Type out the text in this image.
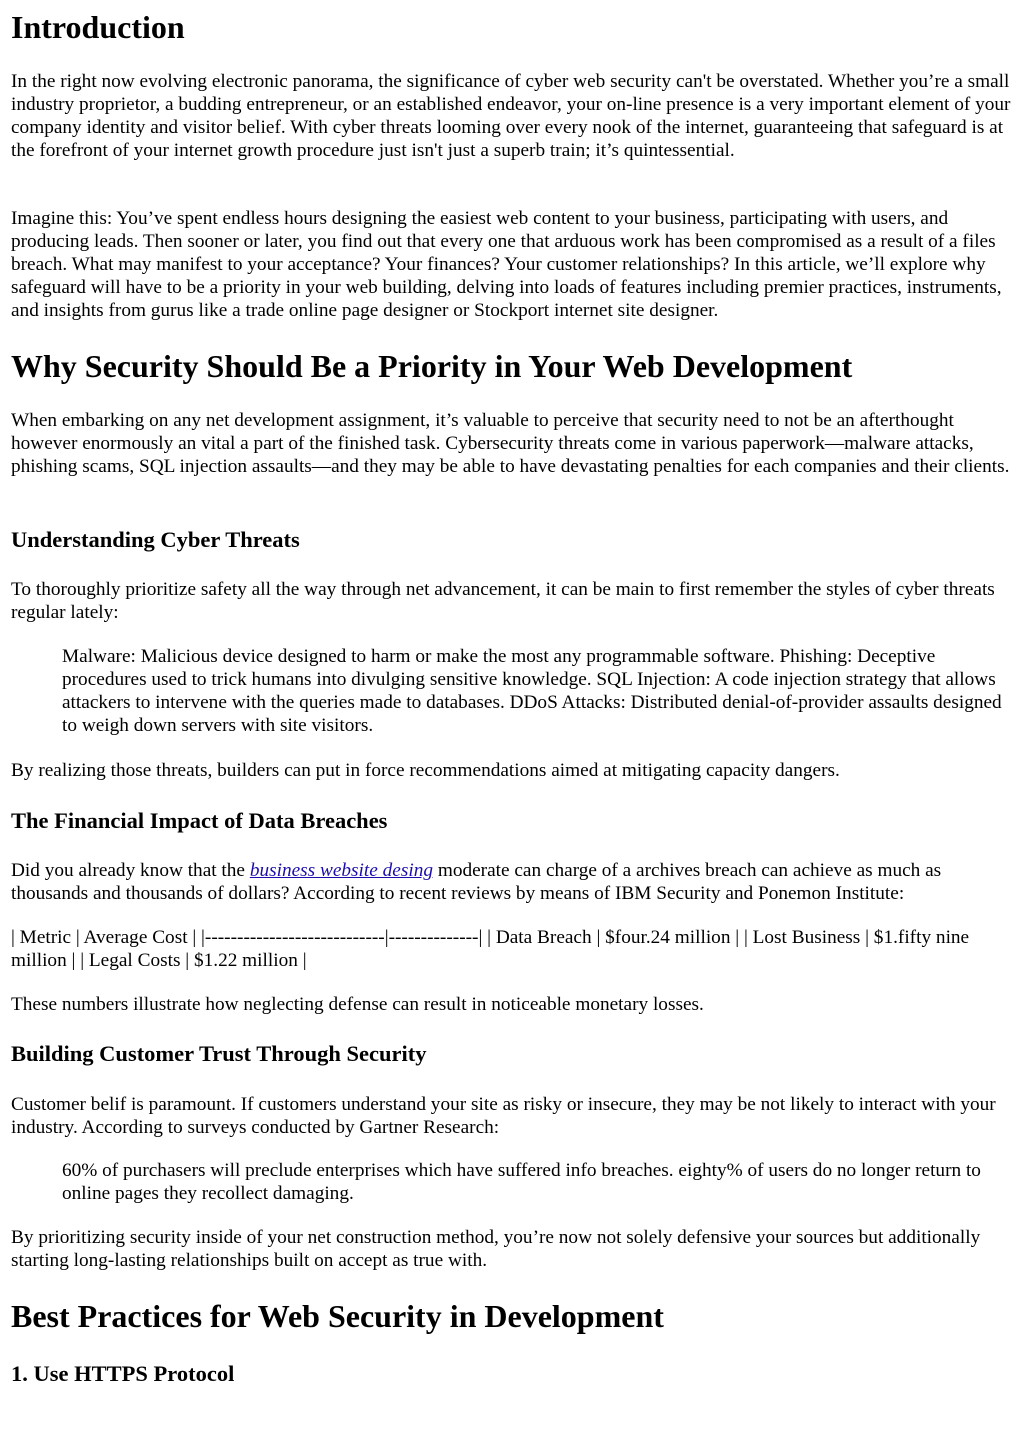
Introduction

In the right now evolving electronic panorama, the significance of cyber web security can't be overstated. Whether you’re a small industry proprietor, a budding entrepreneur, or an established endeavor, your on-line presence is a very important element of your company identity and visitor belief. With cyber threats looming over every nook of the internet, guaranteeing that safeguard is at the forefront of your internet growth procedure just isn't just a superb train; it’s quintessential.

Imagine this: You’ve spent endless hours designing the easiest web content to your business, participating with users, and producing leads. Then sooner or later, you find out that every one that arduous work has been compromised as a result of a files breach. What may manifest to your acceptance? Your finances? Your customer relationships? In this article, we’ll explore why safeguard will have to be a priority in your web building, delving into loads of features including premier practices, instruments, and insights from gurus like a trade online page designer or Stockport internet site designer.

Why Security Should Be a Priority in Your Web Development

When embarking on any net development assignment, it’s valuable to perceive that security need to not be an afterthought however enormously an vital a part of the finished task. Cybersecurity threats come in various paperwork—malware attacks, phishing scams, SQL injection assaults—and they may be able to have devastating penalties for each companies and their clients.

Understanding Cyber Threats

To thoroughly prioritize safety all the way through net advancement, it can be main to first remember the styles of cyber threats regular lately:

Malware: Malicious device designed to harm or make the most any programmable software. Phishing: Deceptive procedures used to trick humans into divulging sensitive knowledge. SQL Injection: A code injection strategy that allows attackers to intervene with the queries made to databases. DDoS Attacks: Distributed denial-of-provider assaults designed to weigh down servers with site visitors.

By realizing those threats, builders can put in force recommendations aimed at mitigating capacity dangers.

The Financial Impact of Data Breaches

Did you already know that the business website desing moderate can charge of a archives breach can achieve as much as thousands and thousands of dollars? According to recent reviews by means of IBM Security and Ponemon Institute:

| Metric | Average Cost | |----------------------------|--------------| | Data Breach | $four.24 million | | Lost Business | $1.fifty nine million | | Legal Costs | $1.22 million |

These numbers illustrate how neglecting defense can result in noticeable monetary losses.

Building Customer Trust Through Security

Customer belif is paramount. If customers understand your site as risky or insecure, they may be not likely to interact with your industry. According to surveys conducted by Gartner Research:

60% of purchasers will preclude enterprises which have suffered info breaches. eighty% of users do no longer return to online pages they recollect damaging.

By prioritizing security inside of your net construction method, you’re now not solely defensive your sources but additionally starting long-lasting relationships built on accept as true with.

Best Practices for Web Security in Development
1. Use HTTPS Protocol
